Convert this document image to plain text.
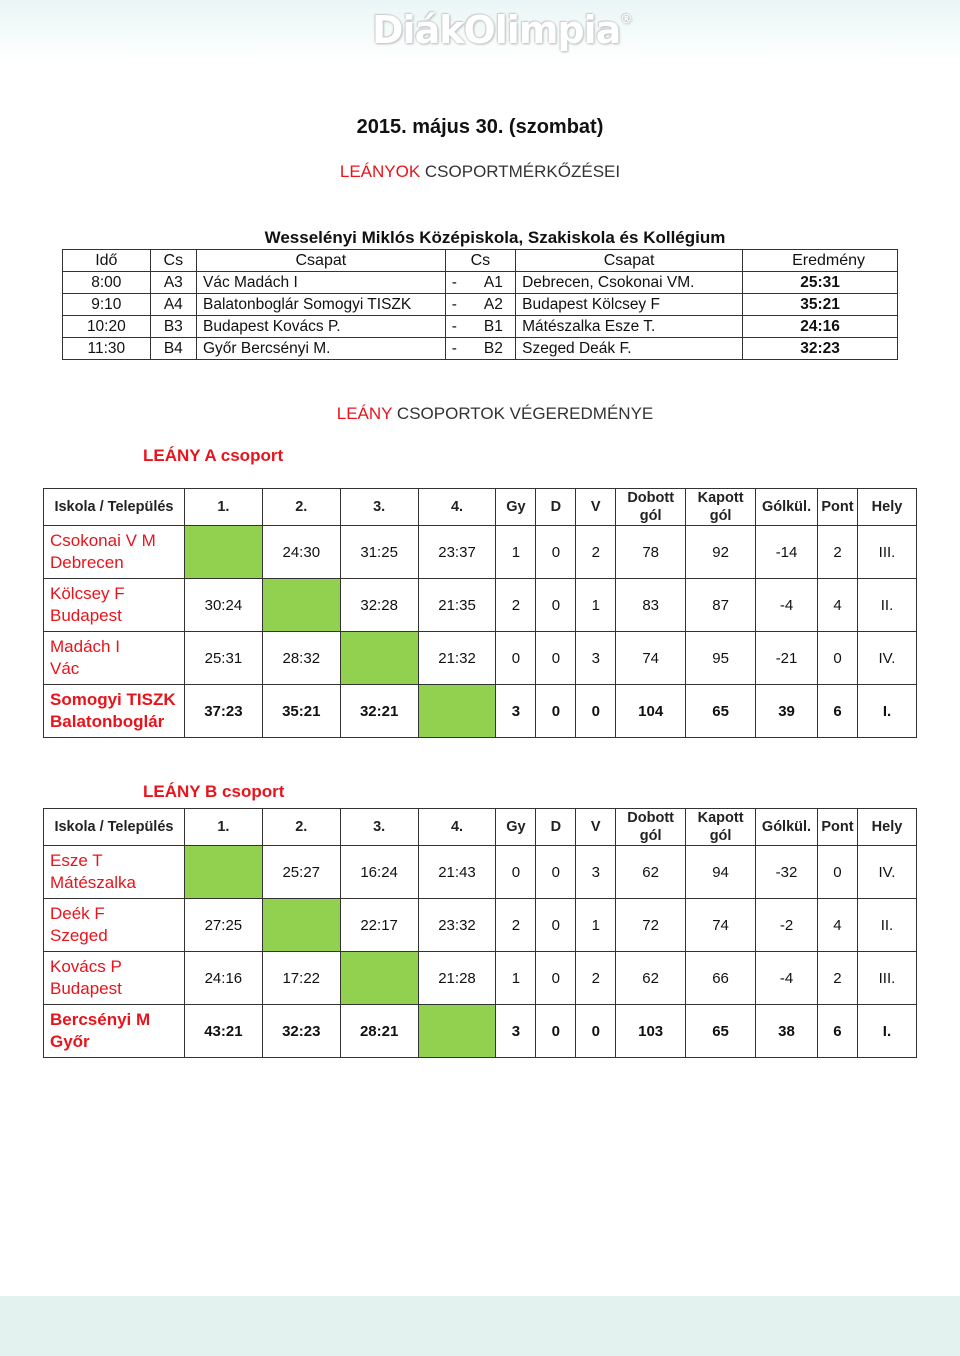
DiákOlimpia®
2015. május 30. (szombat)
LEÁNYOK CSOPORTMÉRKŐZÉSEI
Wesselényi Miklós Középiskola, Szakiskola és Kollégium
Idő	Cs	Csapat	Cs		Csapat	Eredmény
8:00	A3	Vác Madách I	-	A1	Debrecen, Csokonai VM.	25:31
9:10	A4	Balatonboglár Somogyi TISZK	-	A2	Budapest Kölcsey F	35:21
10:20	B3	Budapest Kovács P.	-	B1	Mátészalka Esze T.	24:16
11:30	B4	Győr Bercsényi M.	-	B2	Szeged Deák F.	32:23
LEÁNY CSOPORTOK VÉGEREDMÉNYE
LEÁNY A csoport
Iskola / Település	1.	2.	3.	4.	Gy	D	V	Dobott
gól	Kapott
gól	Gólkül.	Pont	Hely
Csokonai V M
Debrecen		24:30	31:25	23:37	1	0	2	78	92	-14	2	III.
Kölcsey F
Budapest	30:24		32:28	21:35	2	0	1	83	87	-4	4	II.
Madách I
Vác	25:31	28:32		21:32	0	0	3	74	95	-21	0	IV.
Somogyi TISZK
Balatonboglár	37:23	35:21	32:21		3	0	0	104	65	39	6	I.
LEÁNY B csoport
Iskola / Település	1.	2.	3.	4.	Gy	D	V	Dobott
gól	Kapott
gól	Gólkül.	Pont	Hely
Esze T
Mátészalka		25:27	16:24	21:43	0	0	3	62	94	-32	0	IV.
Deék F
Szeged	27:25		22:17	23:32	2	0	1	72	74	-2	4	II.
Kovács P
Budapest	24:16	17:22		21:28	1	0	2	62	66	-4	2	III.
Bercsényi M
Győr	43:21	32:23	28:21		3	0	0	103	65	38	6	I.
